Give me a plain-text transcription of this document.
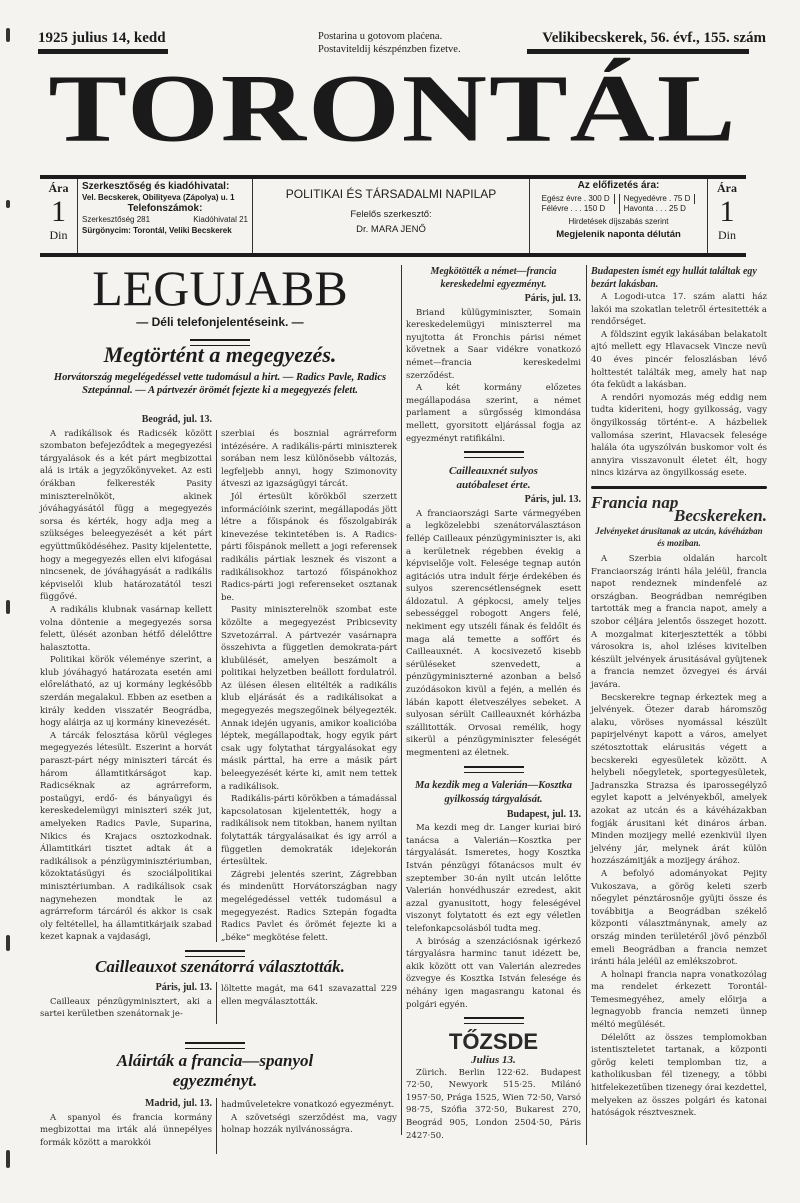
1925 julius 14, kedd	Postarina u gotovom plaćena.
Postaviteldij készpénzben fizetve.
Velikibecskerek, 56. évf., 155. szám
TORONTÁL
Ára
1
Din
Szerkesztőség és kiadóhivatal:
Vel. Becskerek, Obilityeva (Zápolya) u. 1
Telefonszámok:
Szerkesztőség 281	Kiadóhivatal 21
Sürgönycim: Torontál, Veliki Becskerek
POLITIKAI ÉS TÁRSADALMI NAPILAP
Felelős szerkesztő:
Dr. MARA JENŐ
Az előfizetés ára:
Egész évre . 300 D
Félévre . . . 150 D
Negyedévre . 75 D
Havonta . . . 25 D
Hirdetések díjszabás szerint
Megjelenik naponta délután
Ára
1
Din
LEGUJABB
— Déli telefonjelentéseink. —
Megtörtént a megegyezés.
Horvátország megelégedéssel vette tudomásul a hirt. — Radics Pavle, Radics Sztepánnal. — A pártvezér örömét fejezte ki a megegyezés felett.
Beográd, jul. 13.

A radikálisok és Radicsék között szombaton befejeződtek a megegyezési tárgyalások és a két párt megbizottai alá is irták a jegyzőkönyveket. Az esti órákban felkeresték Pasity miniszterelnököt, akinek jóváhagyásától függ a megegyezés sorsa és kérték, hogy adja meg a szükséges beleegyezését a két párt együttműködéséhez. Pasity kijelentette, hogy a megegyezés ellen elvi kifogásai nincsenek, de jóváhagyását a radikális képviselői klub határozatától teszi függővé.

A radikális klubnak vasárnap kellett volna döntenie a megegyezés sorsa felett, ülését azonban hétfő délelőttre halasztotta.

Politikai körök véleménye szerint, a klub jóváhagyó határozata esetén ami előrelátható, az uj kormány legkésőbb szerdán megalakul. Ebben az esetben a király kedden visszatér Beográdba, hogy aláirja az uj kormány kinevezését.

A tárcák felosztása körül végleges megegyezés létesült. Eszerint a horvát paraszt-párt négy miniszteri tárcát és három államtitkárságot kap. Radicséknak az agrárreform, postaügyi, erdő- és bányaügyi és kereskedelemügyi miniszteri szék jut, amelyeken Radics Pavle, Suparina, Nikics és Krajacs osztozkodnak. Államtitkári tisztet adtak át a radikálisok a pénzügyminisztériumban, közoktatásügyi és szociálpolitikai minisztériumban. A radikálisok csak nagynehezen mondtak le az agrárreform tárcáról és akkor is csak oly feltétellel, ha államtitkárjaik szabad kezet kapnak a vajdasági,

szerbiai és bosznial agrárreform intézésére. A radikális-párti miniszterek sorában nem lesz különösebb változás, legfeljebb annyi, hogy Szimonovity átveszi az igazságügyi tárcát.

Jól értesült körökből szerzett informácíóink szerint, megállapodás jött létre a főispánok és főszolgabirák kinevezése tekintetében is. A Radics-párti főispánok mellett a jogi referensek radikális pártiak lesznek és viszont a radikálisokhoz tartozó főispánokhoz Radics-párti jogi referenseket osztanak be.

Pasity miniszterelnök szombat este közölte a megegyezést Pribicsevity Szvetozárral. A pártvezér vasárnapra összehivta a független demokrata-párt klubülését, amelyen beszámolt a politikai helyzetben beállott fordulatról. Az ülésen élesen elitélték a radikális klub eljárását és a radikálisokat a megegyezés megszegőinek bélyegezték. Annak idején ugyanis, amikor koalicióba léptek, megállapodtak, hogy egyik párt csak ugy folytathat tárgyalásokat egy másik párttal, ha erre a másik párt beleegyezését kérte ki, amit nem tettek a radikálisok.

Radikális-párti körökben a támadással kapcsolatosan kijelentették, hogy a radikálisok nem titokban, hanem nyiltan folytatták tárgyalásaikat és igy arról a független demokraták idejekorán értesültek.

Zágrebi jelentés szerint, Zágrebban és mindenütt Horvátországban nagy megelégedéssel vették tudomásul a megegyezést. Radics Sztepán fogadta Radics Pavlet és örömét fejezte ki a „béke“ megkötése felett.

Cailleauxot szenátorrá választották.
Páris, jul. 13.

Cailleaux pénzügyminisztert, aki a sartei kerületben szenátornak je-

löltette magát, ma 641 szavazattal 229 ellen megválasztották.

Aláirták a francia—spanyol egyezményt.
Madrid, jul. 13.

A spanyol és francia kormány megbizottai ma irták alá ünnepélyes formák között a marokkói

hadműveletekre vonatkozó egyezményt.

A szövetségi szerződést ma, vagy holnap hozzák nyilvánosságra.

Megkötötték a német—francia kereskedelmi egyezményt.
Páris, jul. 13.

Briand külügyminiszter, Somain kereskedelemügyi miniszterrel ma nyujtotta át Fronchis párisi német követnek a Saar vidékre vonatkozó német—francia kereskedelmi szerződést.

A két kormány előzetes megállapodása szerint, a német parlament a sürgősség kimondása mellett, gyorsitott eljárással fogja az egyezményt ratifikálni.

Cailleauxnét sulyos autóbaleset érte.
Páris, jul. 13.

A franciaországi Sarte vármegyében a legközelebbi szenátorválasztáson fellép Cailleaux pénzügyminiszter is, aki a kerületnek régebben évekig a képviselője volt. Felesége tegnap autón agitációs utra indult férje érdekében és sulyos szerencsétlenségnek esett áldozatul. A gépkocsi, amely teljes sebességgel robogott Angers felé, nekiment egy utszéli fának és feldőlt és maga alá temette a soffőrt és Cailleauxnét. A kocsivezető kisebb sérüléseket szenvedett, a pénzügyminiszterné azonban a belső zuzódásokon kivül a fején, a mellén és lábán kapott életveszélyes sebeket. A sulyosan sérült Cailleauxnét kórházba szállitották. Orvosai remélik, hogy sikerül a pénzügyminiszter feleségét megmenteni az életnek.

Ma kezdik meg a Valerián—Kosztka gyilkosság tárgyalását.
Budapest, jul. 13.

Ma kezdi meg dr. Langer kuriai biró tanácsa a Valerián—Kosztka per tárgyalását. Ismeretes, hogy Kosztka István pénzügyi főtanácsos mult év szeptember 30-án nyilt utcán lelőtte Valerián honvédhuszár ezredest, akit azzal gyanusitott, hogy feleségével viszonyt folytatott és ezt egy véletlen telefonkapcsolásból tudta meg.

A biróság a szenzációsnak igérkező tárgyalásra harminc tanut idézett be, akik között ott van Valerián alezredes özvegye és Kosztka István felesége és néhány igen magasrangu katonai és polgári egyén.

TŐZSDE
Julius 13.

Zürich. Berlin 122·62. Budapest 72·50, Newyork 515·25. Milánó 1957·50, Prága 1525, Wien 72·50, Varsó 98·75, Szófia 372·50, Bukarest 270, Beográd 905, London 2504·50, Páris 2427·50.

Budapesten ismét egy hullát találtak egy bezárt lakásban.

A Logodi-utca 17. szám alatti ház lakói ma szokatlan teletről értesitették a rendőrséget.

A földszint egyik lakásában belakatolt ajtó mellett egy Hlavacsek Vincze nevü 40 éves pincér feloszlásban lévő holttestét találták meg, amely hat nap óta feküdt a lakásban.

A rendőri nyomozás még eddig nem tudta kideriteni, hogy gyilkosság, vagy öngyilkosság történt-e. A házbeliek vallomása szerint, Hlavacsek felesége halála óta ugyszólván buskomor volt és annyira visszavonult életet élt, hogy nincs kizárva az öngyilkosság esete.

Francia nap
Becskereken.
Jelvényeket árusitanak az utcán, kávéházban és moziban.

A Szerbia oldalán harcolt Franciaország iránti hála jeléül, francia napot rendeznek mindenfelé az országban. Beográdban nemrégiben tartották meg a francia napot, amely a szobor céljára jelentős összeget hozott. A mozgalmat kiterjesztették a többi városokra is, ahol izléses kivitelben készült jelvények árusitásával gyüjtenek a francia nemzet özvegyei és árvái javára.

Becskerekre tegnap érkeztek meg a jelvények. Ötezer darab háromszög alaku, vöröses nyomással készült papirjelvényt kapott a város, amelyet szétosztottak elárusitás végett a becskereki egyesületek között. A helybeli nőegyletek, sportegyesületek, Jadranszka Strazsa és iparossegélyző egylet kapott a jelvényekből, amelyek azokat az utcán és a kávéházakban fogják árusitani két dináros árban. Minden mozijegy mellé ezenkivül ilyen jelvény jár, melynek árát külön hozzászámitják a mozijegy árához.

A befolyó adományokat Pejity Vukoszava, a görög keleti szerb nőegylet pénztárosnője gyüjti össze és továbbitja a Beográdban székelő központi választmánynak, amely az ország minden területéről jövő pénzből emeli Beográdban a francia nemzet iránti hála jeléül az emlékszobrot.

A holnapi francia napra vonatkozólag ma rendelet érkezett Torontál-Temesmegyéhez, amely előirja a legnagyobb francia nemzeti ünnep méltó megülését.

Délelőtt az összes templomokban istentiszteletet tartanak, a központi görög keleti templomban tiz, a katholikusban fél tizenegy, a többi hitfelekezetűben tizenegy órai kezdettel, melyeken az összes polgári és katonai hatóságok résztvesznek.
